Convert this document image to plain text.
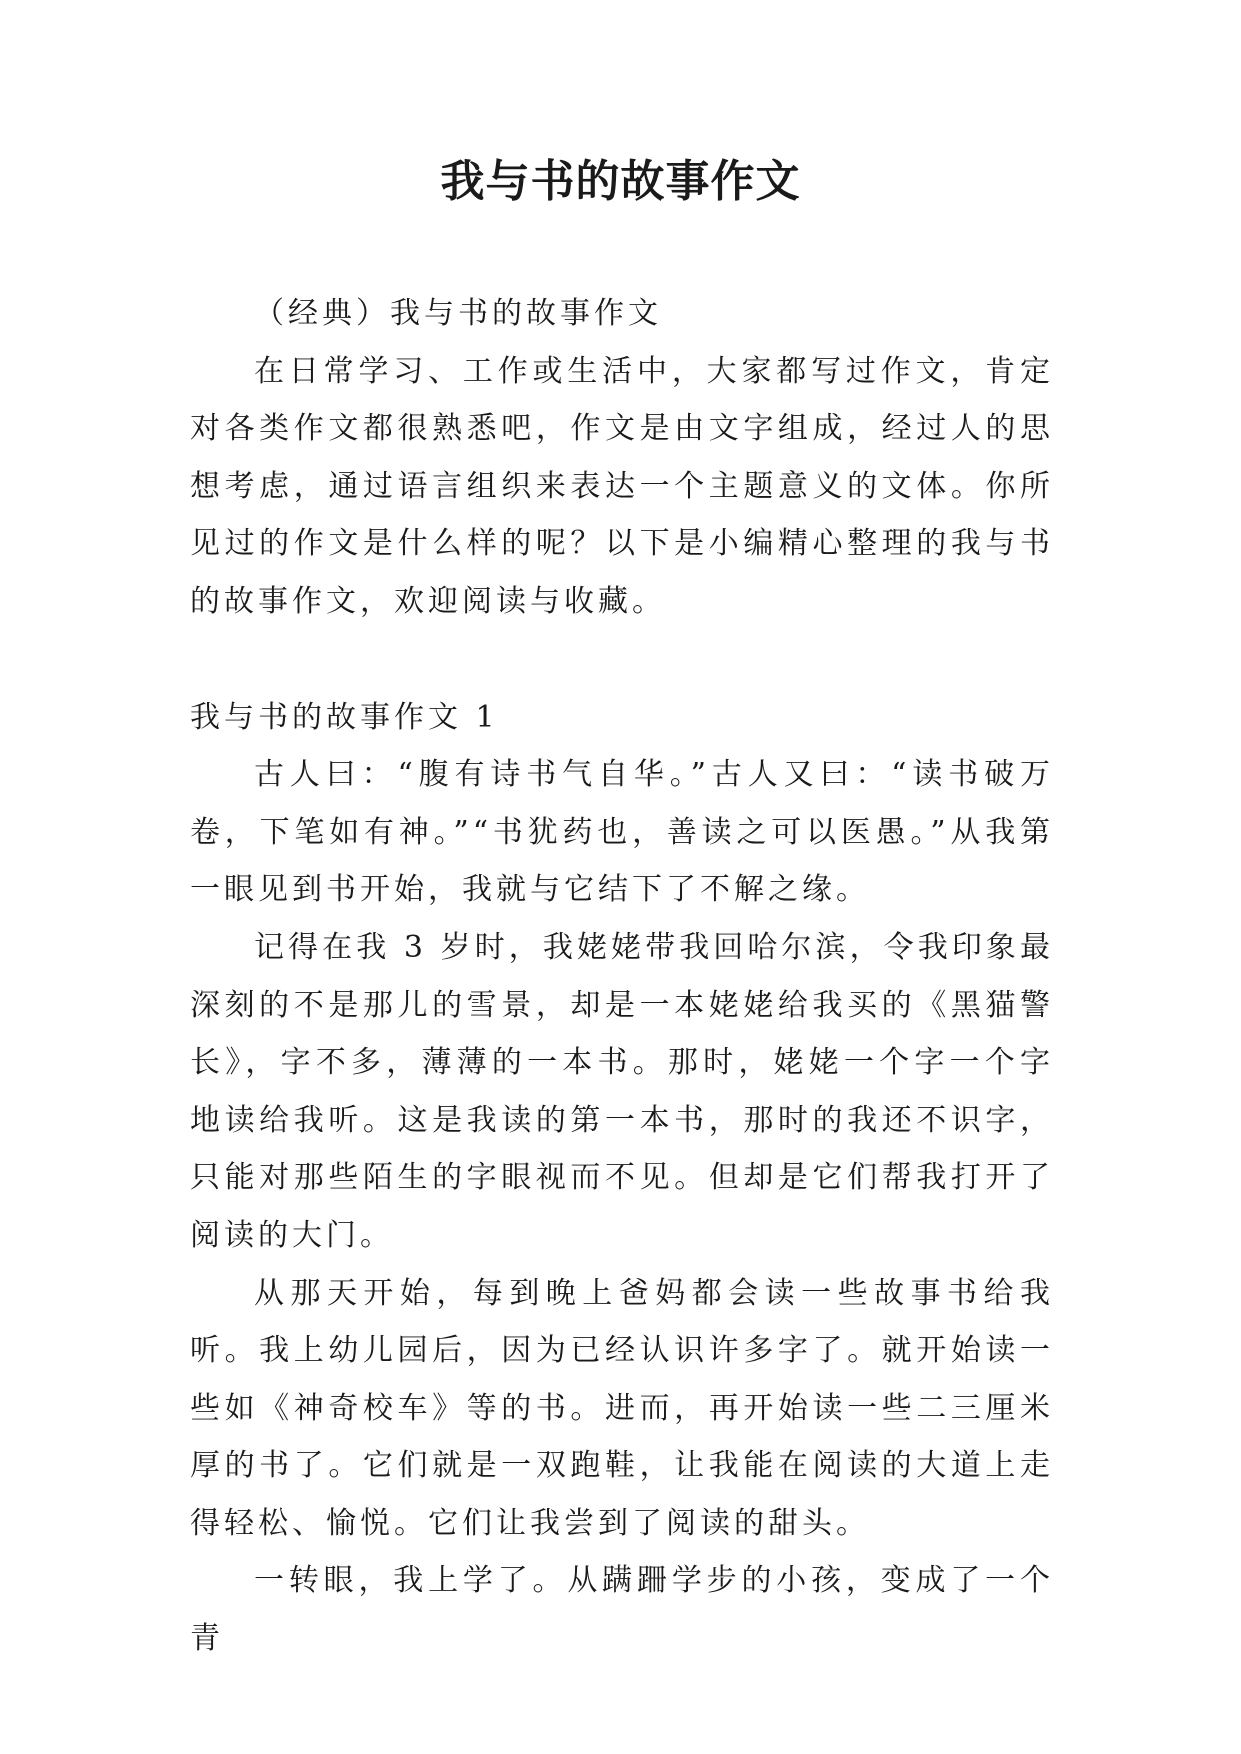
我与书的故事作文

（经典）我与书的故事作文

在日常学习、工作或生活中，大家都写过作文，肯定对各类作文都很熟悉吧，作文是由文字组成，经过人的思想考虑，通过语言组织来表达一个主题意义的文体。你所见过的作文是什么样的呢？以下是小编精心整理的我与书的故事作文，欢迎阅读与收藏。

我与书的故事作文 1

古人曰：“腹有诗书气自华。”古人又曰：“读书破万卷，下笔如有神。”“书犹药也，善读之可以医愚。”从我第一眼见到书开始，我就与它结下了不解之缘。

记得在我 3 岁时，我姥姥带我回哈尔滨，令我印象最深刻的不是那儿的雪景，却是一本姥姥给我买的《黑猫警长》，字不多，薄薄的一本书。那时，姥姥一个字一个字地读给我听。这是我读的第一本书，那时的我还不识字，只能对那些陌生的字眼视而不见。但却是它们帮我打开了阅读的大门。

从那天开始，每到晚上爸妈都会读一些故事书给我听。我上幼儿园后，因为已经认识许多字了。就开始读一些如《神奇校车》等的书。进而，再开始读一些二三厘米厚的书了。它们就是一双跑鞋，让我能在阅读的大道上走得轻松、愉悦。它们让我尝到了阅读的甜头。

一转眼，我上学了。从蹒跚学步的小孩，变成了一个青
